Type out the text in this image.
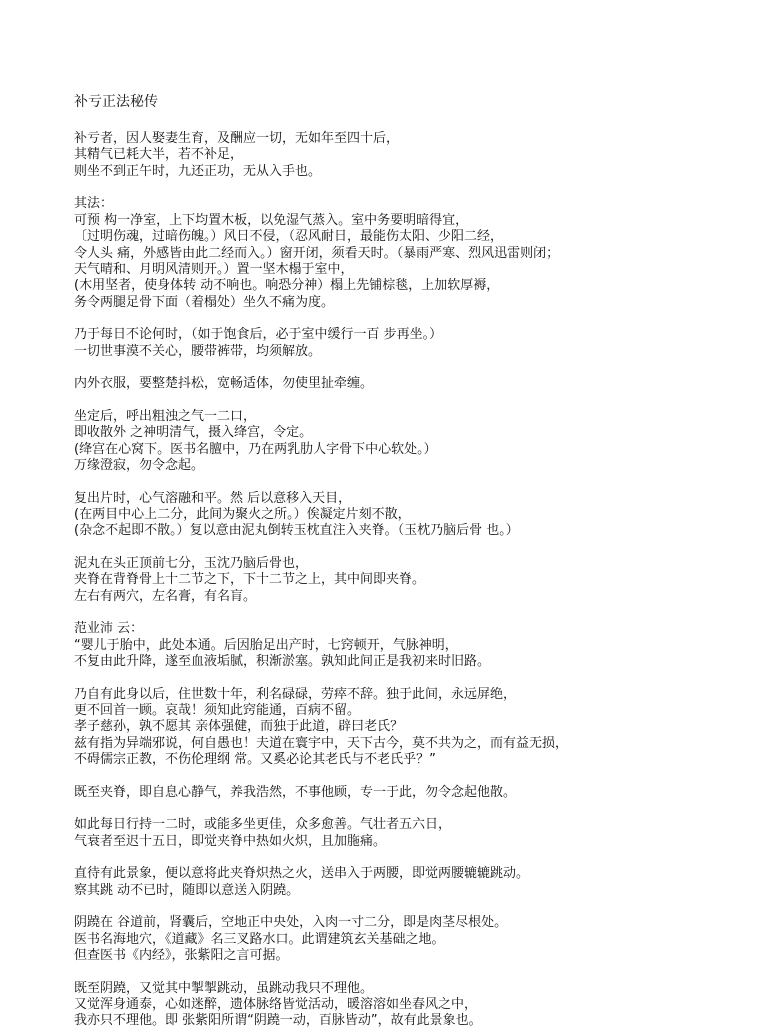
补亏正法秘传
补亏者，因人娶妻生育，及酬应一切，无如年至四十后，
其精气已耗大半，若不补足，
则坐不到正午时，九还正功，无从入手也。
其法：
可预 构一净室，上下均置木板，以免湿气蒸入。室中务要明暗得宜，
〔过明伤魂，过暗伤魄。）风日不侵，（忍风耐日，最能伤太阳、少阳二经，
令人头 痛，外感皆由此二经而入。）窗开闭，须看天时。（暴雨严寒、烈风迅雷则闭；
天气晴和、月明风清则开。）置一坚木榻于室中，
(木用坚者，使身体转 动不响也。响恐分神）榻上先铺棕毯，上加软厚褥，
务令两腿足骨下面（着榻处）坐久不痛为度。
乃于每日不论何时，（如于饱食后，必于室中缓行一百 步再坐。）
一切世事漠不关心，腰带裤带，均须解放。
内外衣服，要整楚抖松，宽畅适体，勿使里扯牵缠。
坐定后，呼出粗浊之气一二口，
即收散外 之神明清气，摄入绛宫，令定。
(绛宫在心窝下。医书名膻中，乃在两乳肋人字骨下中心软处。）
万缘澄寂，勿令念起。
复出片时，心气溶融和平。然 后以意移入天目，
(在两目中心上二分，此间为聚火之所。）俟凝定片刻不散，
(杂念不起即不散。）复以意由泥丸倒转玉枕直注入夹脊。（玉枕乃脑后骨 也。）
泥丸在头正顶前七分，玉沈乃脑后骨也，
夹脊在背脊骨上十二节之下，下十二节之上，其中间即夹脊。
左右有两穴，左名膏，有名肓。
范业沛 云：
“婴儿于胎中，此处本通。后因胎足出产时，七窍顿开，气脉神明，
不复由此升降，遂至血液垢腻，积渐淤塞。孰知此间正是我初来时旧路。
乃自有此身以后，住世数十年，利名碌碌，劳瘁不辞。独于此间，永远屏绝，
更不回首一顾。哀哉！须知此窍能通，百病不留。
孝子慈孙，孰不愿其 亲体强健，而独于此道，辟曰老氏？
兹有指为异端邪说，何自愚也！夫道在寰宇中，天下古今，莫不共为之，而有益无损，
不碍儒宗正教，不伤伦理纲 常。又奚必论其老氏与不老氏乎？”
既至夹脊，即自息心静气，养我浩然，不事他顾，专一于此，勿令念起他散。
如此每日行持一二时，或能多坐更佳，众多愈善。气壮者五六日，
气衰者至迟十五日，即觉夹脊中热如火炽，且加胣痛。
直待有此景象，便以意将此夹脊炽热之火，送串入于两腰，即觉两腰辘辘跳动。
察其跳 动不已时，随即以意送入阴蹺。
阴蹺在 谷道前，肾囊后，空地正中央处，入肉一寸二分，即是肉茎尽根处。
医书名海地穴，《道藏》名三叉路水口。此谓建筑玄关基础之地。
但查医书《内经》，张紫阳之言可据。
既至阴蹺，又觉其中掣掣跳动，虽跳动我只不理他。
又觉浑身通泰，心如迷醉，遗体脉络皆觉活动，暖溶溶如坐春风之中，
我亦只不理他。即 张紫阳所谓“阴蹺一动，百脉皆动”，故有此景象也。
